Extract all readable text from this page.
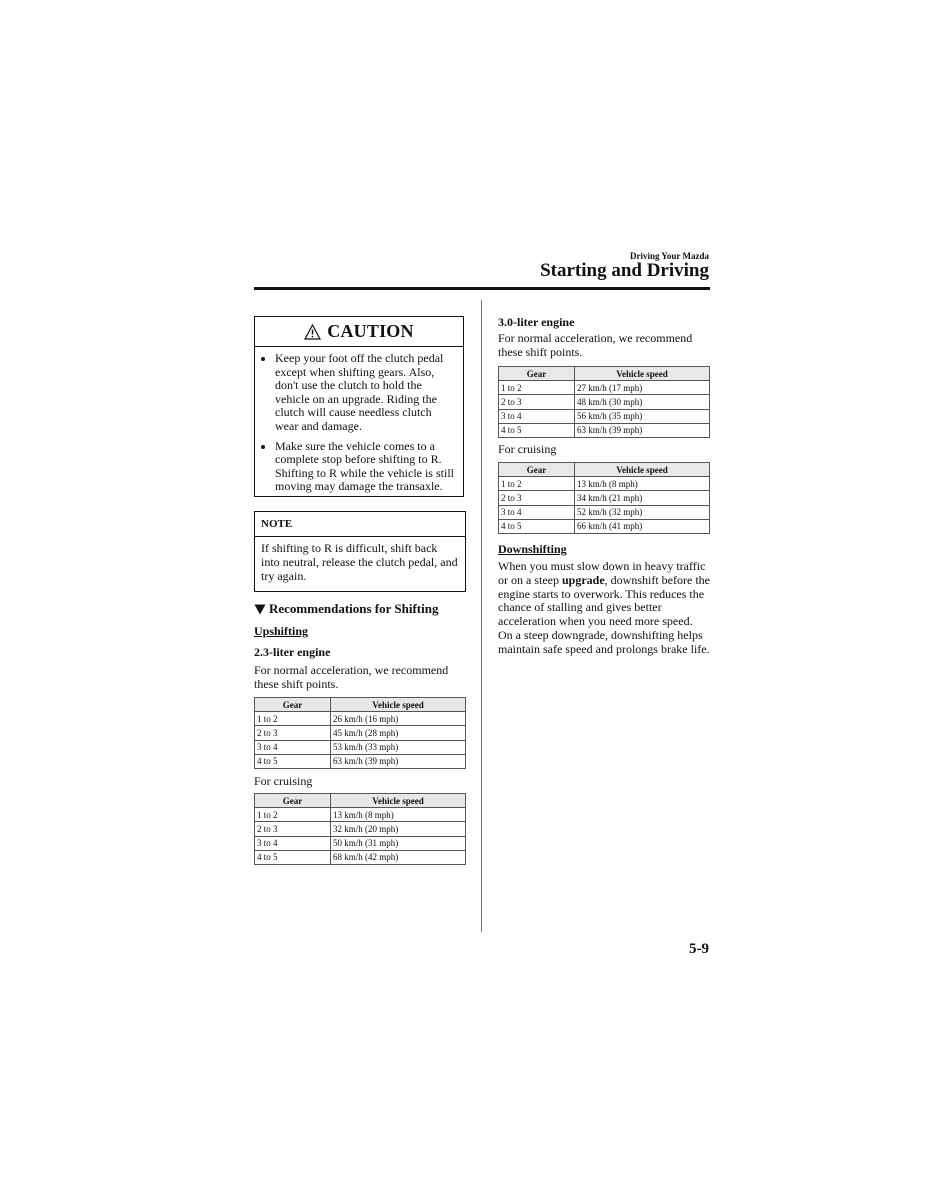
Driving Your Mazda
Starting and Driving
CAUTION
• Keep your foot off the clutch pedal except when shifting gears. Also, don't use the clutch to hold the vehicle on an upgrade. Riding the clutch will cause needless clutch wear and damage.
• Make sure the vehicle comes to a complete stop before shifting to R. Shifting to R while the vehicle is still moving may damage the transaxle.
NOTE
If shifting to R is difficult, shift back into neutral, release the clutch pedal, and try again.
Recommendations for Shifting
Upshifting
2.3-liter engine
For normal acceleration, we recommend these shift points.
Gear	Vehicle speed
1 to 2	26 km/h (16 mph)
2 to 3	45 km/h (28 mph)
3 to 4	53 km/h (33 mph)
4 to 5	63 km/h (39 mph)
For cruising
Gear	Vehicle speed
1 to 2	13 km/h (8 mph)
2 to 3	32 km/h (20 mph)
3 to 4	50 km/h (31 mph)
4 to 5	68 km/h (42 mph)
3.0-liter engine
For normal acceleration, we recommend these shift points.
Gear	Vehicle speed
1 to 2	27 km/h (17 mph)
2 to 3	48 km/h (30 mph)
3 to 4	56 km/h (35 mph)
4 to 5	63 km/h (39 mph)
For cruising
Gear	Vehicle speed
1 to 2	13 km/h (8 mph)
2 to 3	34 km/h (21 mph)
3 to 4	52 km/h (32 mph)
4 to 5	66 km/h (41 mph)
Downshifting
When you must slow down in heavy traffic or on a steep upgrade, downshift before the engine starts to overwork. This reduces the chance of stalling and gives better acceleration when you need more speed.
On a steep downgrade, downshifting helps maintain safe speed and prolongs brake life.
5-9
